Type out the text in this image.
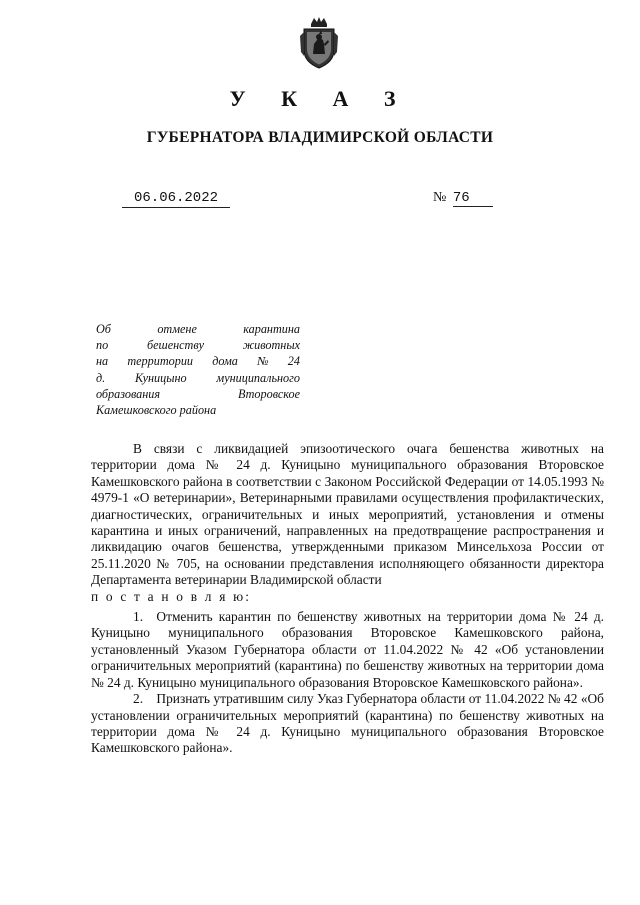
У К А З
ГУБЕРНАТОРА ВЛАДИМИРСКОЙ ОБЛАСТИ
06.06.2022	№ 76
Об	отмене	карантина
по	бешенству	животных
на территории дома № 24
д. Куницыно муниципального
образования	Второвское
Камешковского района

В связи с ликвидацией эпизоотического очага бешенства животных на территории дома № 24 д. Куницыно муниципального образования Второвское Камешковского района в соответствии с Законом Российской Федерации от 14.05.1993 № 4979-1 «О ветеринарии», Ветеринарными правилами осуществления профилактических, диагностических, ограничительных и иных мероприятий, установления и отмены карантина и иных ограничений, направленных на предотвращение распространения и ликвидацию очагов бешенства, утвержденными приказом Минсельхоза России от 25.11.2020 № 705, на основании представления исполняющего обязанности директора Департамента ветеринарии Владимирской области

п о с т а н о в л я ю:

1. Отменить карантин по бешенству животных на территории дома № 24 д. Куницыно муниципального образования Второвское Камешковского района, установленный Указом Губернатора области от 11.04.2022 № 42 «Об установлении ограничительных мероприятий (карантина) по бешенству животных на территории дома № 24 д. Куницыно муниципального образования Второвское Камешковского района».

2. Признать утратившим силу Указ Губернатора области от 11.04.2022 № 42 «Об установлении ограничительных мероприятий (карантина) по бешенству животных на территории дома № 24 д. Куницыно муниципального образования Второвское Камешковского района».
